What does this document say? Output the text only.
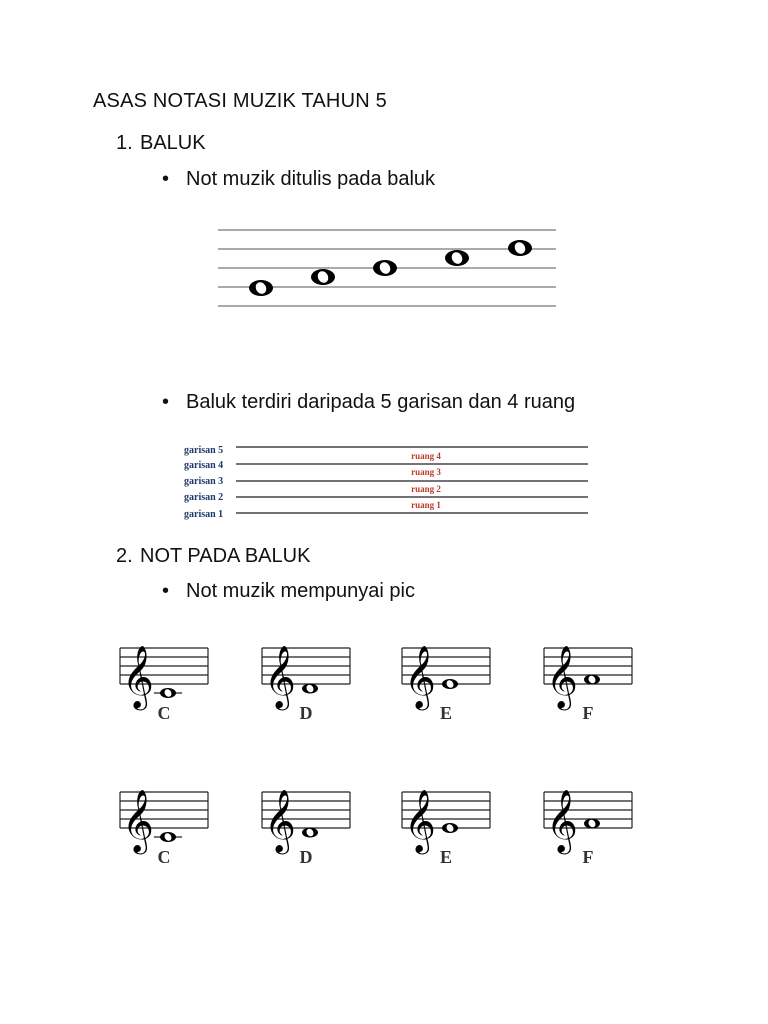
ASAS NOTASI MUZIK TAHUN 5
1. BALUK
• Not muzik ditulis pada baluk
• Baluk terdiri daripada 5 garisan dan 4 ruang
garisan 5
garisan 4
garisan 3
garisan 2
garisan 1
ruang 4
ruang 3
ruang 2
ruang 1
2. NOT PADA BALUK
• Not muzik mempunyai pic
𝄞
C
𝄞
D
𝄞
E
𝄞
F
𝄞
C
𝄞
D
𝄞
E
𝄞
F
